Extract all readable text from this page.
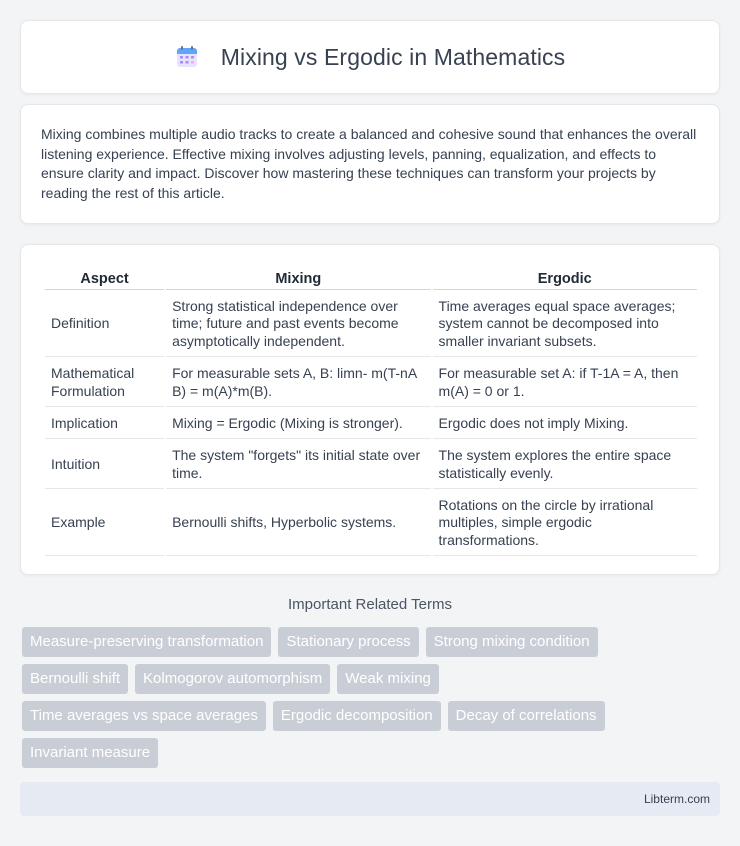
Mixing vs Ergodic in Mathematics

Mixing combines multiple audio tracks to create a balanced and cohesive sound that enhances the overall listening experience. Effective mixing involves adjusting levels, panning, equalization, and effects to ensure clarity and impact. Discover how mastering these techniques can transform your projects by reading the rest of this article.

Aspect	Mixing	Ergodic
Definition	Strong statistical independence over time; future and past events become asymptotically independent.	Time averages equal space averages; system cannot be decomposed into smaller invariant subsets.
Mathematical Formulation	For measurable sets A, B: limn- m(T-nA B) = m(A)*m(B).	For measurable set A: if T-1A = A, then m(A) = 0 or 1.
Implication	Mixing = Ergodic (Mixing is stronger).	Ergodic does not imply Mixing.
Intuition	The system "forgets" its initial state over time.	The system explores the entire space statistically evenly.
Example	Bernoulli shifts, Hyperbolic systems.	Rotations on the circle by irrational multiples, simple ergodic transformations.
Important Related Terms
Measure-preserving transformation	Stationary process	Strong mixing condition
Bernoulli shift	Kolmogorov automorphism	Weak mixing
Time averages vs space averages	Ergodic decomposition	Decay of correlations
Invariant measure
Libterm.com
